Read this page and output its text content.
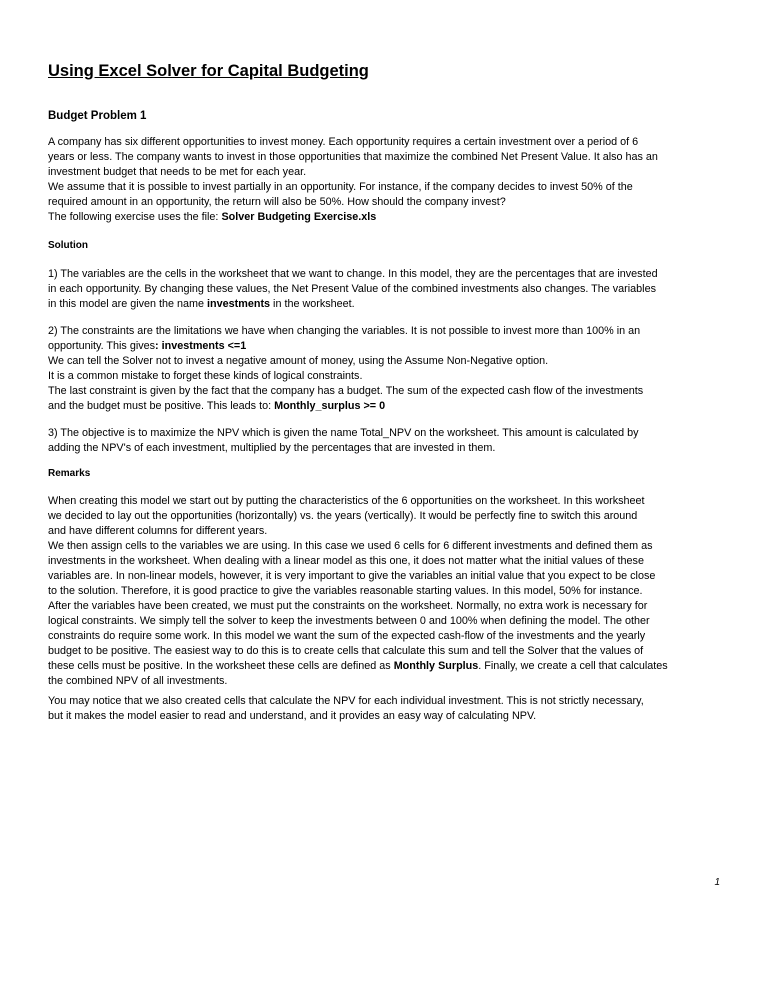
Using Excel Solver for Capital Budgeting
Budget Problem 1
A company has six different opportunities to invest money. Each opportunity requires a certain investment over a period of 6
years or less. The company wants to invest in those opportunities that maximize the combined Net Present Value. It also has an
investment budget that needs to be met for each year.
We assume that it is possible to invest partially in an opportunity. For instance, if the company decides to invest 50% of the
required amount in an opportunity, the return will also be 50%. How should the company invest?
The following exercise uses the file: Solver Budgeting Exercise.xls
Solution
1) The variables are the cells in the worksheet that we want to change. In this model, they are the percentages that are invested
in each opportunity. By changing these values, the Net Present Value of the combined investments also changes. The variables
in this model are given the name investments in the worksheet.
2) The constraints are the limitations we have when changing the variables. It is not possible to invest more than 100% in an
opportunity. This gives: investments <=1
We can tell the Solver not to invest a negative amount of money, using the Assume Non-Negative option.
It is a common mistake to forget these kinds of logical constraints.
The last constraint is given by the fact that the company has a budget. The sum of the expected cash flow of the investments
and the budget must be positive. This leads to: Monthly_surplus >= 0
3) The objective is to maximize the NPV which is given the name Total_NPV on the worksheet. This amount is calculated by
adding the NPV's of each investment, multiplied by the percentages that are invested in them.
Remarks
When creating this model we start out by putting the characteristics of the 6 opportunities on the worksheet. In this worksheet
we decided to lay out the opportunities (horizontally) vs. the years (vertically). It would be perfectly fine to switch this around
and have different columns for different years.
We then assign cells to the variables we are using. In this case we used 6 cells for 6 different investments and defined them as
investments in the worksheet. When dealing with a linear model as this one, it does not matter what the initial values of these
variables are. In non-linear models, however, it is very important to give the variables an initial value that you expect to be close
to the solution. Therefore, it is good practice to give the variables reasonable starting values. In this model, 50% for instance.
After the variables have been created, we must put the constraints on the worksheet. Normally, no extra work is necessary for
logical constraints. We simply tell the solver to keep the investments between 0 and 100% when defining the model. The other
constraints do require some work. In this model we want the sum of the expected cash-flow of the investments and the yearly
budget to be positive. The easiest way to do this is to create cells that calculate this sum and tell the Solver that the values of
these cells must be positive. In the worksheet these cells are defined as Monthly Surplus. Finally, we create a cell that calculates
the combined NPV of all investments.
You may notice that we also created cells that calculate the NPV for each individual investment. This is not strictly necessary,
but it makes the model easier to read and understand, and it provides an easy way of calculating NPV.
1
